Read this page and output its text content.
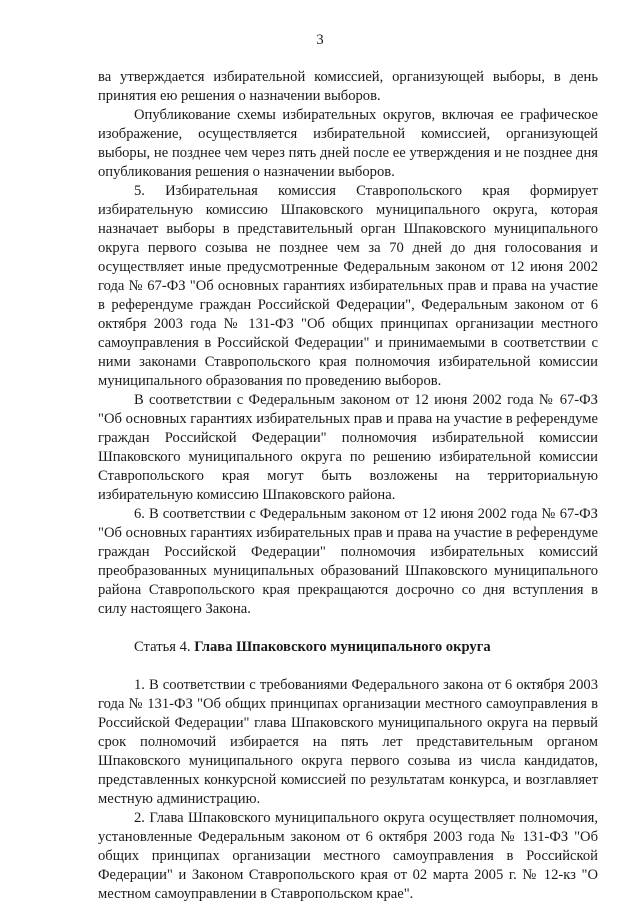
3

ва утверждается избирательной комиссией, организующей выборы, в день принятия ею решения о назначении выборов.

Опубликование схемы избирательных округов, включая ее графическое изображение, осуществляется избирательной комиссией, организующей выборы, не позднее чем через пять дней после ее утверждения и не позднее дня опубликования решения о назначении выборов.

5. Избирательная комиссия Ставропольского края формирует избирательную комиссию Шпаковского муниципального округа, которая назначает выборы в представительный орган Шпаковского муниципального округа первого созыва не позднее чем за 70 дней до дня голосования и осуществляет иные предусмотренные Федеральным законом от 12 июня 2002 года № 67-ФЗ "Об основных гарантиях избирательных прав и права на участие в референдуме граждан Российской Федерации", Федеральным законом от 6 октября 2003 года № 131-ФЗ "Об общих принципах организации местного самоуправления в Российской Федерации" и принимаемыми в соответствии с ними законами Ставропольского края полномочия избирательной комиссии муниципального образования по проведению выборов.

В соответствии с Федеральным законом от 12 июня 2002 года № 67-ФЗ "Об основных гарантиях избирательных прав и права на участие в референдуме граждан Российской Федерации" полномочия избирательной комиссии Шпаковского муниципального округа по решению избирательной комиссии Ставропольского края могут быть возложены на территориальную избирательную комиссию Шпаковского района.

6. В соответствии с Федеральным законом от 12 июня 2002 года № 67-ФЗ "Об основных гарантиях избирательных прав и права на участие в референдуме граждан Российской Федерации" полномочия избирательных комиссий преобразованных муниципальных образований Шпаковского муниципального района Ставропольского края прекращаются досрочно со дня вступления в силу настоящего Закона.

Статья 4. Глава Шпаковского муниципального округа

1. В соответствии с требованиями Федерального закона от 6 октября 2003 года № 131-ФЗ "Об общих принципах организации местного самоуправления в Российской Федерации" глава Шпаковского муниципального округа на первый срок полномочий избирается на пять лет представительным органом Шпаковского муниципального округа первого созыва из числа кандидатов, представленных конкурсной комиссией по результатам конкурса, и возглавляет местную администрацию.

2. Глава Шпаковского муниципального округа осуществляет полномочия, установленные Федеральным законом от 6 октября 2003 года № 131-ФЗ "Об общих принципах организации местного самоуправления в Российской Федерации" и Законом Ставропольского края от 02 марта 2005 г. № 12-кз "О местном самоуправлении в Ставропольском крае".
